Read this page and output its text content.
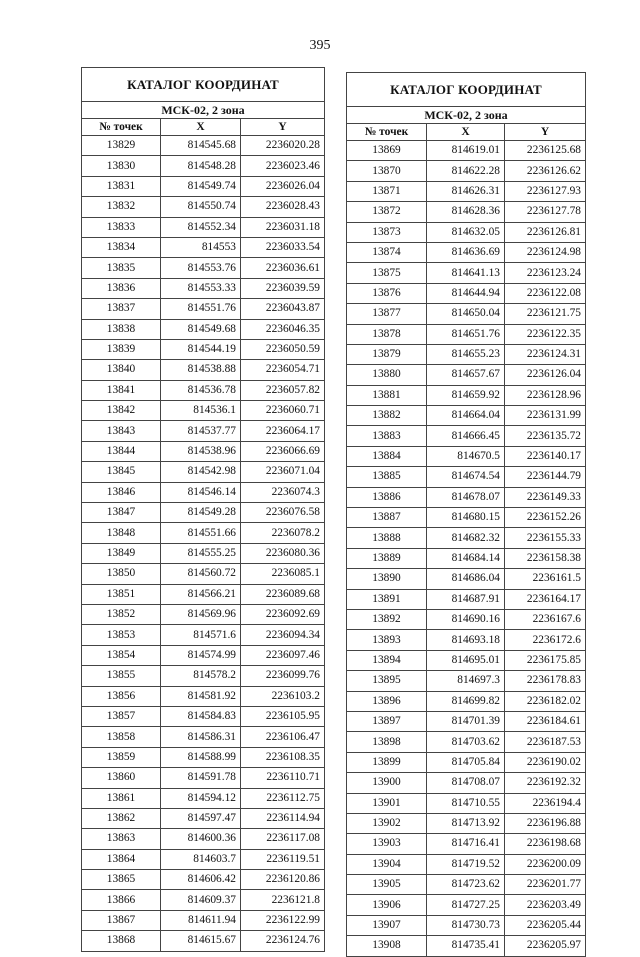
395
КАТАЛОГ КООРДИНАТ		
МСК-02, 2 зона		
№ точек	X	Y
13829	814545.68	2236020.28
13830	814548.28	2236023.46
13831	814549.74	2236026.04
13832	814550.74	2236028.43
13833	814552.34	2236031.18
13834	814553	2236033.54
13835	814553.76	2236036.61
13836	814553.33	2236039.59
13837	814551.76	2236043.87
13838	814549.68	2236046.35
13839	814544.19	2236050.59
13840	814538.88	2236054.71
13841	814536.78	2236057.82
13842	814536.1	2236060.71
13843	814537.77	2236064.17
13844	814538.96	2236066.69
13845	814542.98	2236071.04
13846	814546.14	2236074.3
13847	814549.28	2236076.58
13848	814551.66	2236078.2
13849	814555.25	2236080.36
13850	814560.72	2236085.1
13851	814566.21	2236089.68
13852	814569.96	2236092.69
13853	814571.6	2236094.34
13854	814574.99	2236097.46
13855	814578.2	2236099.76
13856	814581.92	2236103.2
13857	814584.83	2236105.95
13858	814586.31	2236106.47
13859	814588.99	2236108.35
13860	814591.78	2236110.71
13861	814594.12	2236112.75
13862	814597.47	2236114.94
13863	814600.36	2236117.08
13864	814603.7	2236119.51
13865	814606.42	2236120.86
13866	814609.37	2236121.8
13867	814611.94	2236122.99
13868	814615.67	2236124.76
КАТАЛОГ КООРДИНАТ		
МСК-02, 2 зона		
№ точек	X	Y
13869	814619.01	2236125.68
13870	814622.28	2236126.62
13871	814626.31	2236127.93
13872	814628.36	2236127.78
13873	814632.05	2236126.81
13874	814636.69	2236124.98
13875	814641.13	2236123.24
13876	814644.94	2236122.08
13877	814650.04	2236121.75
13878	814651.76	2236122.35
13879	814655.23	2236124.31
13880	814657.67	2236126.04
13881	814659.92	2236128.96
13882	814664.04	2236131.99
13883	814666.45	2236135.72
13884	814670.5	2236140.17
13885	814674.54	2236144.79
13886	814678.07	2236149.33
13887	814680.15	2236152.26
13888	814682.32	2236155.33
13889	814684.14	2236158.38
13890	814686.04	2236161.5
13891	814687.91	2236164.17
13892	814690.16	2236167.6
13893	814693.18	2236172.6
13894	814695.01	2236175.85
13895	814697.3	2236178.83
13896	814699.82	2236182.02
13897	814701.39	2236184.61
13898	814703.62	2236187.53
13899	814705.84	2236190.02
13900	814708.07	2236192.32
13901	814710.55	2236194.4
13902	814713.92	2236196.88
13903	814716.41	2236198.68
13904	814719.52	2236200.09
13905	814723.62	2236201.77
13906	814727.25	2236203.49
13907	814730.73	2236205.44
13908	814735.41	2236205.97
